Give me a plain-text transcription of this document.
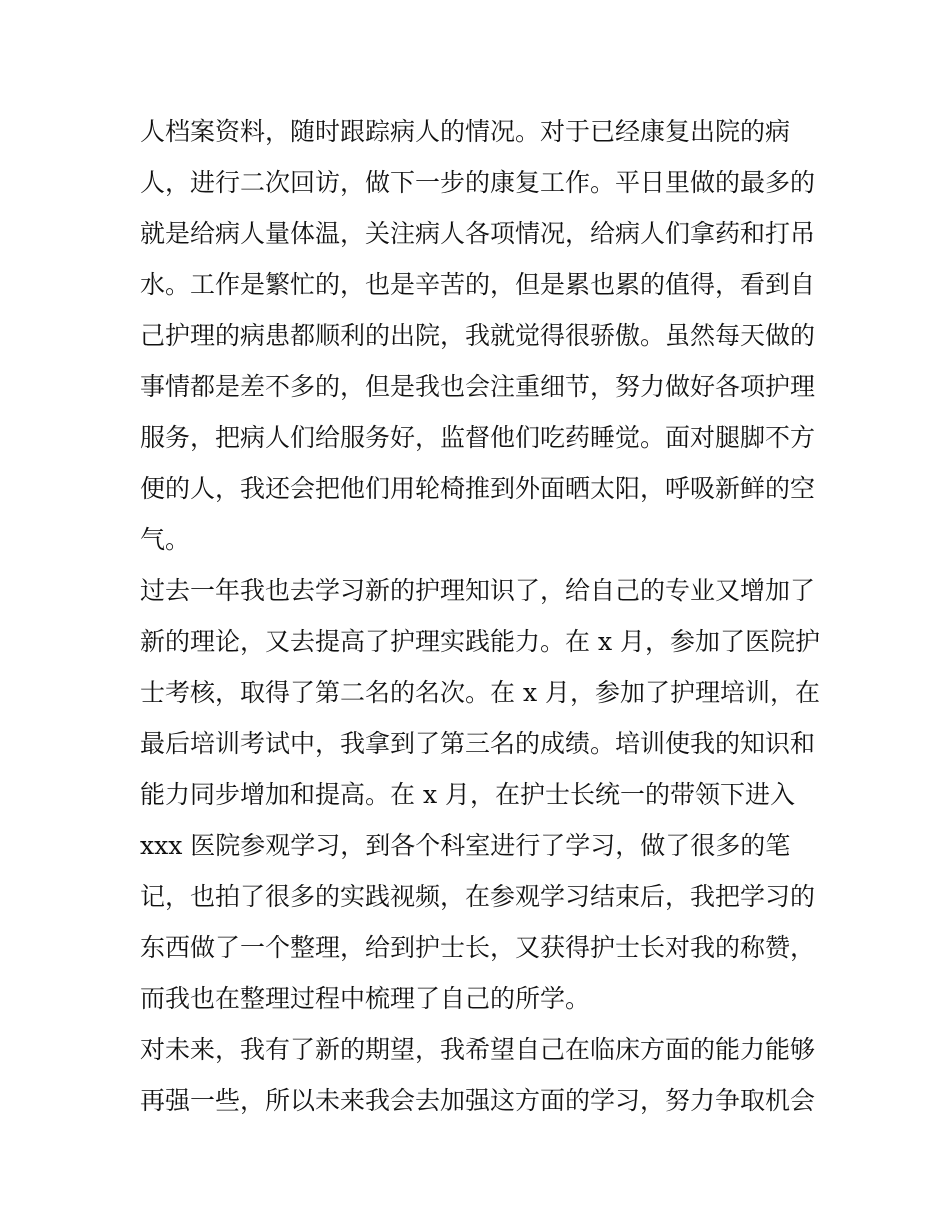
人档案资料，随时跟踪病人的情况。对于已经康复出院的病
人，进行二次回访，做下一步的康复工作。平日里做的最多的
就是给病人量体温，关注病人各项情况，给病人们拿药和打吊
水。工作是繁忙的，也是辛苦的，但是累也累的值得，看到自
己护理的病患都顺利的出院，我就觉得很骄傲。虽然每天做的
事情都是差不多的，但是我也会注重细节，努力做好各项护理
服务，把病人们给服务好，监督他们吃药睡觉。面对腿脚不方
便的人，我还会把他们用轮椅推到外面晒太阳，呼吸新鲜的空
气。
过去一年我也去学习新的护理知识了，给自己的专业又增加了
新的理论，又去提高了护理实践能力。在 x 月，参加了医院护
士考核，取得了第二名的名次。在 x 月，参加了护理培训，在
最后培训考试中，我拿到了第三名的成绩。培训使我的知识和
能力同步增加和提高。在 x 月，在护士长统一的带领下进入
xxx 医院参观学习，到各个科室进行了学习，做了很多的笔
记，也拍了很多的实践视频，在参观学习结束后，我把学习的
东西做了一个整理，给到护士长，又获得护士长对我的称赞，
而我也在整理过程中梳理了自己的所学。
对未来，我有了新的期望，我希望自己在临床方面的能力能够
再强一些，所以未来我会去加强这方面的学习，努力争取机会
